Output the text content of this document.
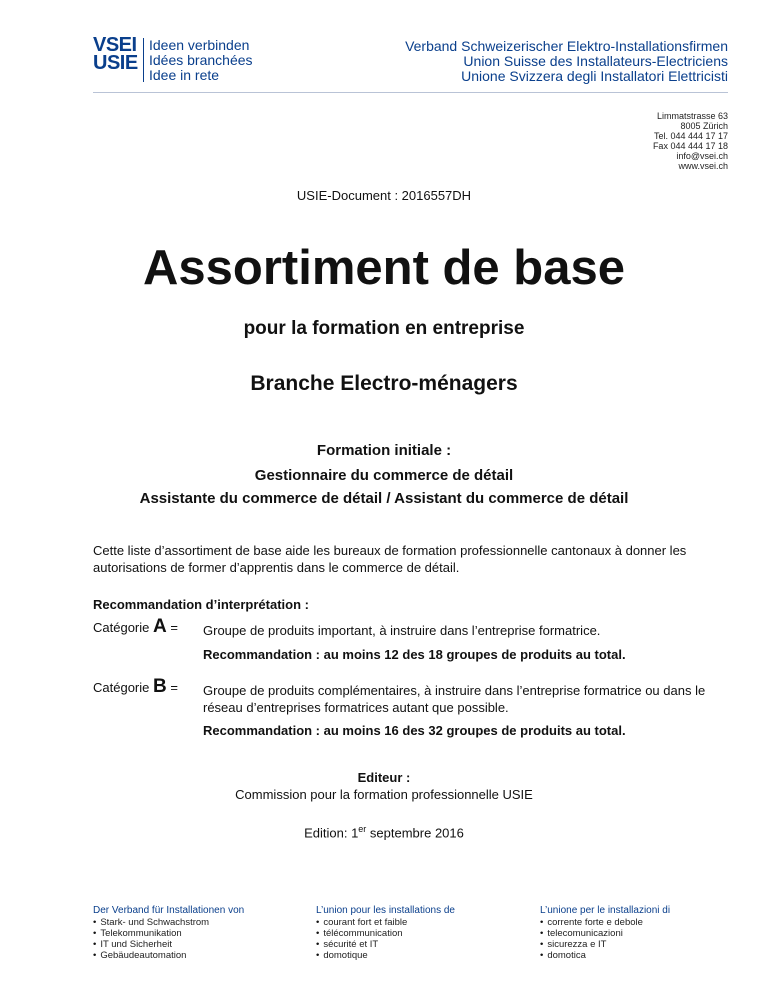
VSEI
USIE
Ideen verbinden
Idées branchées
Idee in rete
Verband Schweizerischer Elektro-Installationsfirmen
Union Suisse des Installateurs-Electriciens
Unione Svizzera degli Installatori Elettricisti
Limmatstrasse 63
8005 Zürich
Tel. 044 444 17 17
Fax 044 444 17 18
info@vsei.ch
www.vsei.ch
USIE-Document : 2016557DH
Assortiment de base
pour la formation en entreprise
Branche Electro-ménagers
Formation initiale :
Gestionnaire du commerce de détail
Assistante du commerce de détail / Assistant du commerce de détail
Cette liste d’assortiment de base aide les bureaux de formation professionnelle cantonaux à donner les autorisations de former d’apprentis dans le commerce de détail.
Recommandation d’interprétation :
Catégorie A = Groupe de produits important, à instruire dans l’entreprise formatrice.
Recommandation : au moins 12 des 18 groupes de produits au total.
Catégorie B = Groupe de produits complémentaires, à instruire dans l’entreprise formatrice ou dans le réseau d’entreprises formatrices autant que possible.
Recommandation : au moins 16 des 32 groupes de produits au total.
Editeur :
Commission pour la formation professionnelle USIE
Edition: 1er septembre 2016
Der Verband für Installationen von
• Stark- und Schwachstrom
• Telekommunikation
• IT und Sicherheit
• Gebäudeautomation
L’union pour les installations de
• courant fort et faible
• télécommunication
• sécurité et IT
• domotique
L’unione per le installazioni di
• corrente forte e debole
• telecomunicazioni
• sicurezza e IT
• domotica
